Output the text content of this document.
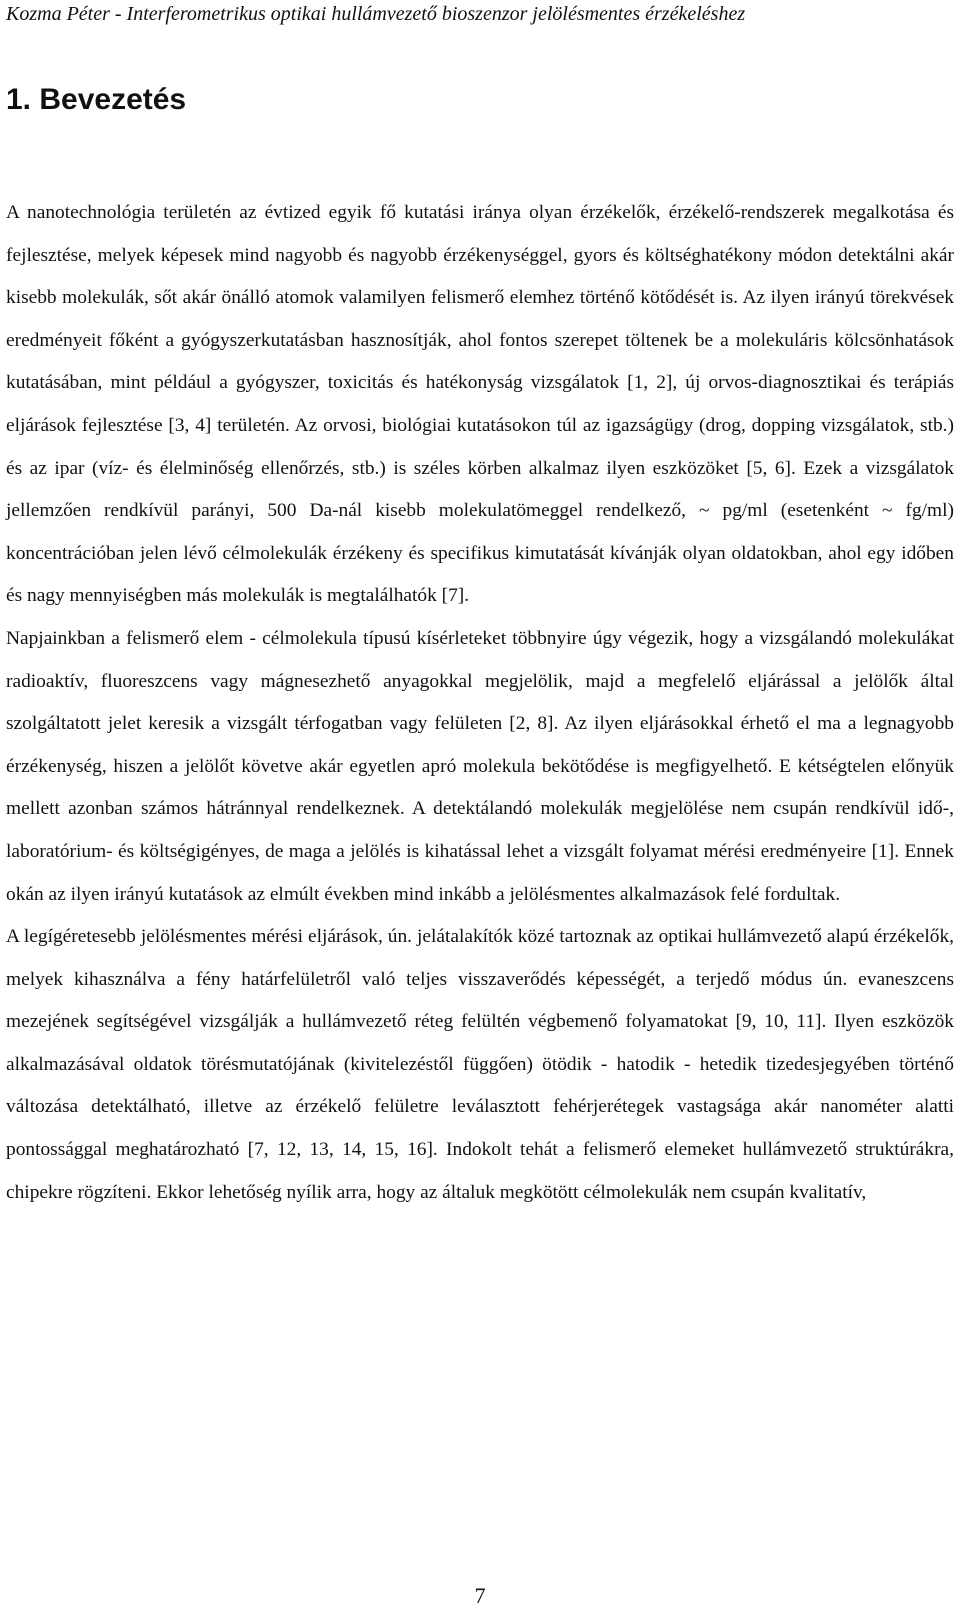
Kozma Péter - Interferometrikus optikai hullámvezető bioszenzor jelölésmentes érzékeléshez
1. Bevezetés

A nanotechnológia területén az évtized egyik fő kutatási iránya olyan érzékelők, érzékelő-rendszerek megalkotása és fejlesztése, melyek képesek mind nagyobb és nagyobb érzékenységgel, gyors és költséghatékony módon detektálni akár kisebb molekulák, sőt akár önálló atomok valamilyen felismerő elemhez történő kötődését is. Az ilyen irányú törekvések eredményeit főként a gyógyszerkutatásban hasznosítják, ahol fontos szerepet töltenek be a molekuláris kölcsönhatások kutatásában, mint például a gyógyszer, toxicitás és hatékonyság vizsgálatok [1, 2], új orvos-diagnosztikai és terápiás eljárások fejlesztése [3, 4] területén. Az orvosi, biológiai kutatásokon túl az igazságügy (drog, dopping vizsgálatok, stb.) és az ipar (víz- és élelminőség ellenőrzés, stb.) is széles körben alkalmaz ilyen eszközöket [5, 6]. Ezek a vizsgálatok jellemzően rendkívül parányi, 500 Da-nál kisebb molekulatömeggel rendelkező, ~ pg/ml (esetenként ~ fg/ml) koncentrációban jelen lévő célmolekulák érzékeny és specifikus kimutatását kívánják olyan oldatokban, ahol egy időben és nagy mennyiségben más molekulák is megtalálhatók [7].

Napjainkban a felismerő elem - célmolekula típusú kísérleteket többnyire úgy végezik, hogy a vizsgálandó molekulákat radioaktív, fluoreszcens vagy mágnesezhető anyagokkal megjelölik, majd a megfelelő eljárással a jelölők által szolgáltatott jelet keresik a vizsgált térfogatban vagy felületen [2, 8]. Az ilyen eljárásokkal érhető el ma a legnagyobb érzékenység, hiszen a jelölőt követve akár egyetlen apró molekula bekötődése is megfigyelhető. E kétségtelen előnyük mellett azonban számos hátránnyal rendelkeznek. A detektálandó molekulák megjelölése nem csupán rendkívül idő-, laboratórium- és költségigényes, de maga a jelölés is kihatással lehet a vizsgált folyamat mérési eredményeire [1]. Ennek okán az ilyen irányú kutatások az elmúlt években mind inkább a jelölésmentes alkalmazások felé fordultak.

A legígéretesebb jelölésmentes mérési eljárások, ún. jelátalakítók közé tartoznak az optikai hullámvezető alapú érzékelők, melyek kihasználva a fény határfelületről való teljes visszaverődés képességét, a terjedő módus ún. evaneszcens mezejének segítségével vizsgálják a hullámvezető réteg felültén végbemenő folyamatokat [9, 10, 11]. Ilyen eszközök alkalmazásával oldatok törésmutatójának (kivitelezéstől függően) ötödik - hatodik - hetedik tizedesjegyében történő változása detektálható, illetve az érzékelő felületre leválasztott fehérjerétegek vastagsága akár nanométer alatti pontossággal meghatározható [7, 12, 13, 14, 15, 16]. Indokolt tehát a felismerő elemeket hullámvezető struktúrákra, chipekre rögzíteni. Ekkor lehetőség nyílik arra, hogy az általuk megkötött célmolekulák nem csupán kvalitatív,

7
